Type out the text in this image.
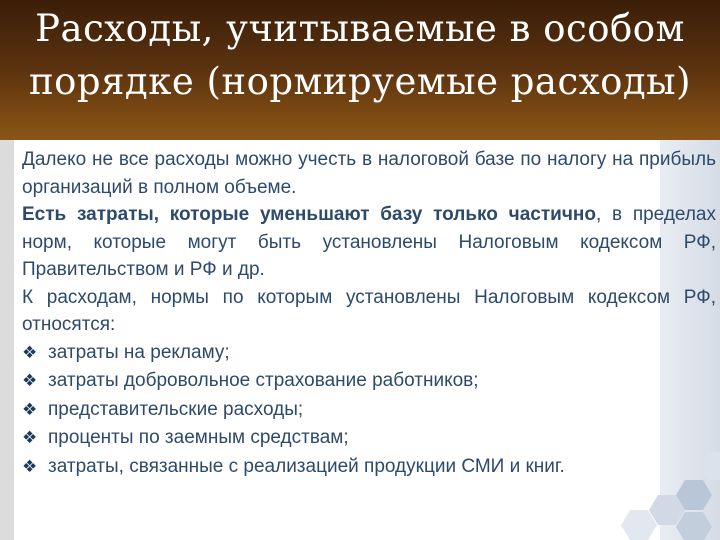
Расходы, учитываемые в особом порядке (нормируемые расходы)

Далеко не все расходы можно учесть в налоговой базе по налогу на прибыль организаций в полном объеме.

Есть затраты, которые уменьшают базу только частично, в пределах норм, которые могут быть установлены Налоговым кодексом РФ, Правительством и РФ и др.

К расходам, нормы по которым установлены Налоговым кодексом РФ, относятся:

❖ затраты на рекламу;
❖ затраты добровольное страхование работников;
❖ представительские расходы;
❖ проценты по заемным средствам;
❖ затраты, связанные с реализацией продукции СМИ и книг.
